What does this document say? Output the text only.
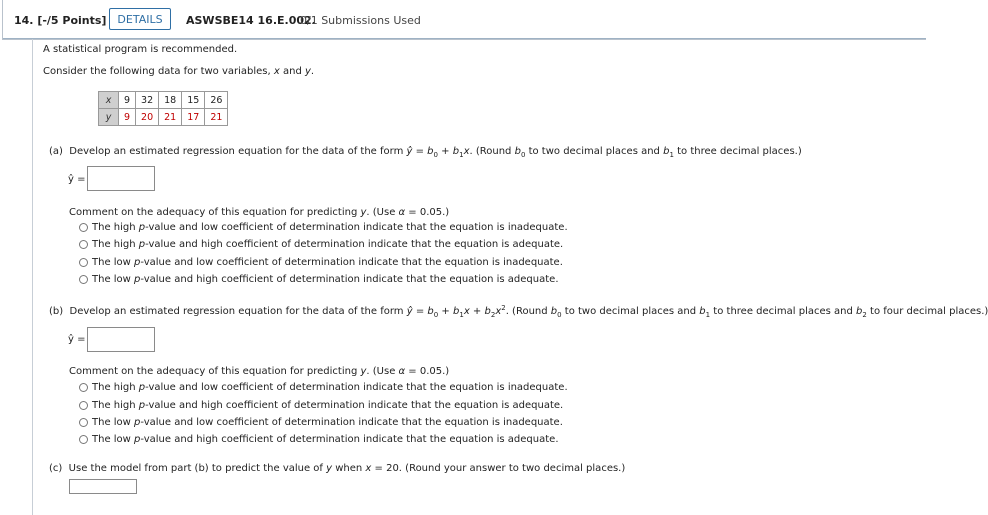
14. [-/5 Points] DETAILS	ASWSBE14 16.E.002.
0/1 Submissions Used
A statistical program is recommended.
Consider the following data for two variables, x and y.
x	9	32	18	15	26
y	9	20	21	17	21
(a)  Develop an estimated regression equation for the data of the form ŷ = $b_0 + b_1x$. (Round $b_0$ to two decimal places and $b_1$ to three decimal places.)
ŷ =
Comment on the adequacy of this equation for predicting y. (Use α = 0.05.)
The high p-value and low coefficient of determination indicate that the equation is inadequate.
The high p-value and high coefficient of determination indicate that the equation is adequate.
The low p-value and low coefficient of determination indicate that the equation is inadequate.
The low p-value and high coefficient of determination indicate that the equation is adequate.
(b)  Develop an estimated regression equation for the data of the form ŷ = $b_0 + b_1x + b_2x^2$. (Round $b_0$ to two decimal places and $b_1$ to three decimal places and $b_2$ to four decimal places.)
ŷ =
Comment on the adequacy of this equation for predicting y. (Use α = 0.05.)
The high p-value and low coefficient of determination indicate that the equation is inadequate.
The high p-value and high coefficient of determination indicate that the equation is adequate.
The low p-value and low coefficient of determination indicate that the equation is inadequate.
The low p-value and high coefficient of determination indicate that the equation is adequate.
(c)  Use the model from part (b) to predict the value of y when x = 20. (Round your answer to two decimal places.)
